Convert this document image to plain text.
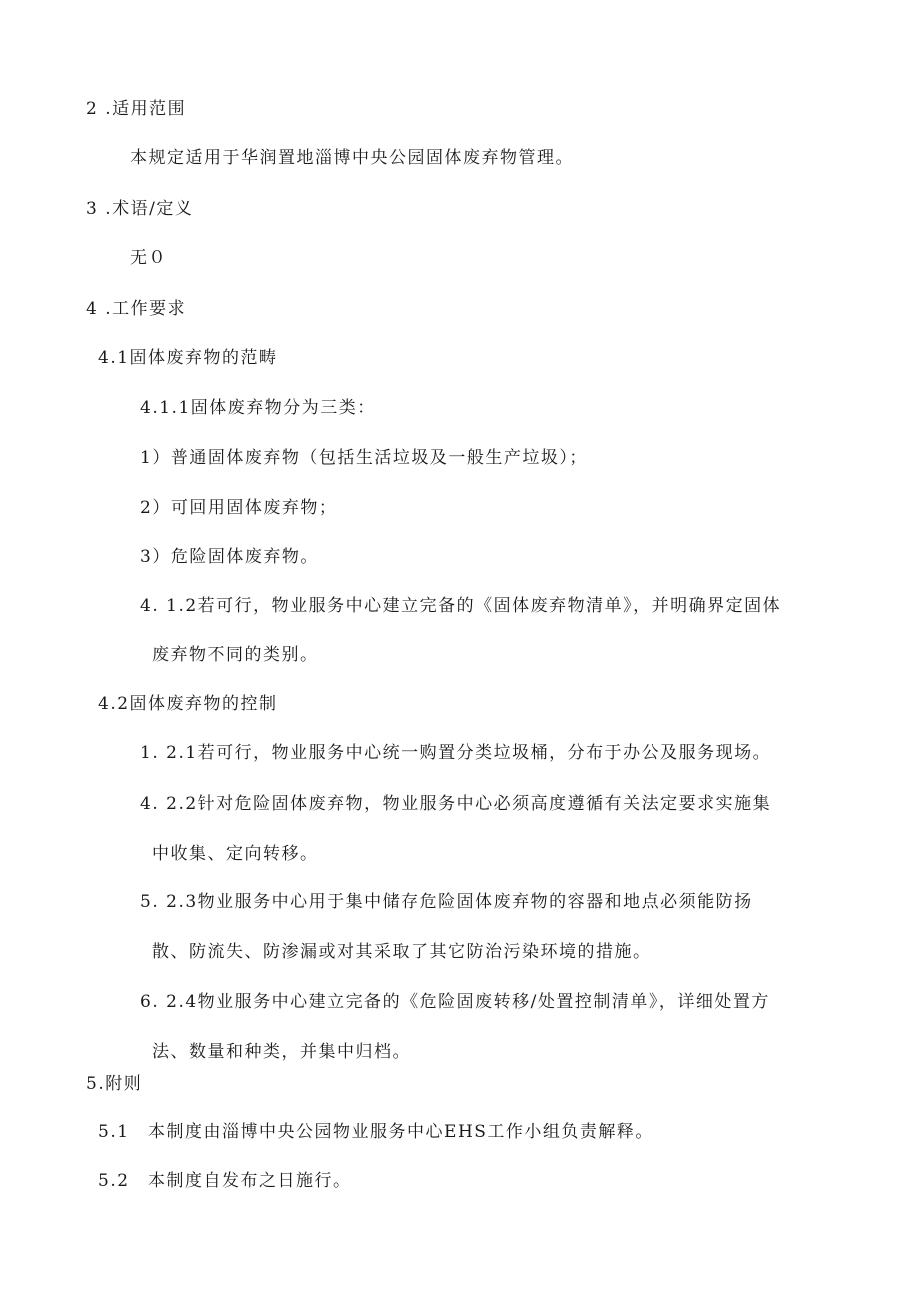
2 .适用范围
本规定适用于华润置地淄博中央公园固体废弃物管理。
3 .术语/定义
无０
4 .工作要求
4.1固体废弃物的范畴
4.1.1固体废弃物分为三类：
1）普通固体废弃物（包括生活垃圾及一般生产垃圾）；
2）可回用固体废弃物；
3）危险固体废弃物。
4. 1.2若可行，物业服务中心建立完备的《固体废弃物清单》，并明确界定固体
废弃物不同的类别。
4.2固体废弃物的控制
1. 2.1若可行，物业服务中心统一购置分类垃圾桶，分布于办公及服务现场。
4. 2.2针对危险固体废弃物，物业服务中心必须高度遵循有关法定要求实施集
中收集、定向转移。
5. 2.3物业服务中心用于集中储存危险固体废弃物的容器和地点必须能防扬
散、防流失、防渗漏或对其采取了其它防治污染环境的措施。
6. 2.4物业服务中心建立完备的《危险固废转移/处置控制清单》，详细处置方
法、数量和种类，并集中归档。
5.附则
5.1　本制度由淄博中央公园物业服务中心EHS工作小组负责解释。
5.2　本制度自发布之日施行。
